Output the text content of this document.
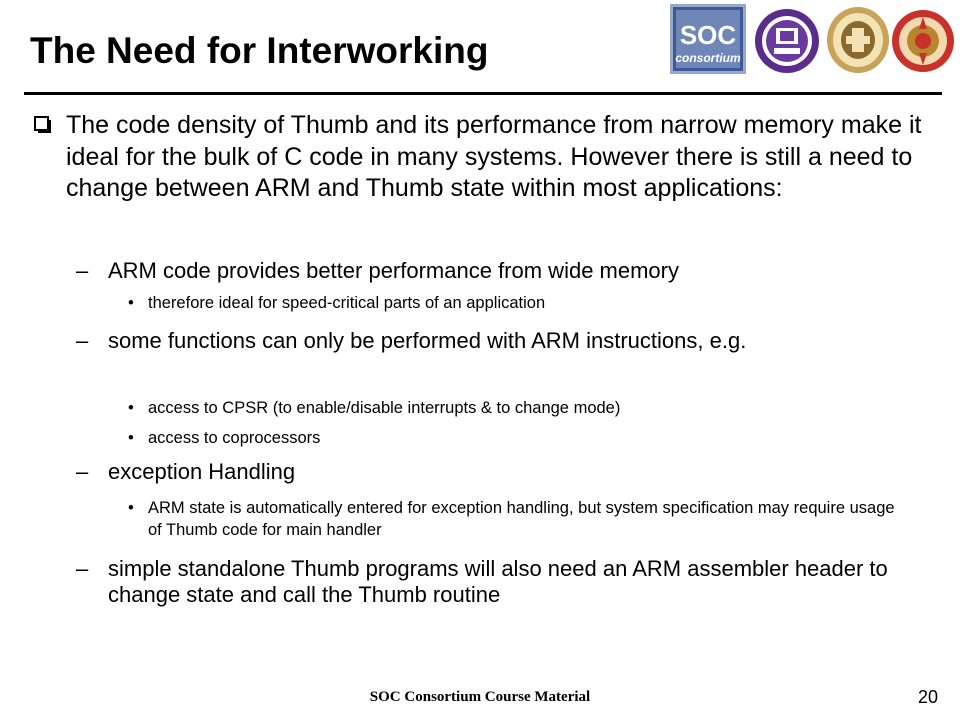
The Need for Interworking	SOC
consortium
The code density of Thumb and its performance from narrow memory make it ideal for the bulk of C code in many systems. However there is still a need to change between ARM and Thumb state within most applications:
– ARM code provides better performance from wide memory
• therefore ideal for speed-critical parts of an application
– some functions can only be performed with ARM instructions, e.g.
• access to CPSR (to enable/disable interrupts & to change mode)
• access to coprocessors
– exception Handling
• ARM state is automatically entered for exception handling, but system specification may require usage of Thumb code for main handler
– simple standalone Thumb programs will also need an ARM assembler header to change state and call the Thumb routine
SOC Consortium Course Material	20
